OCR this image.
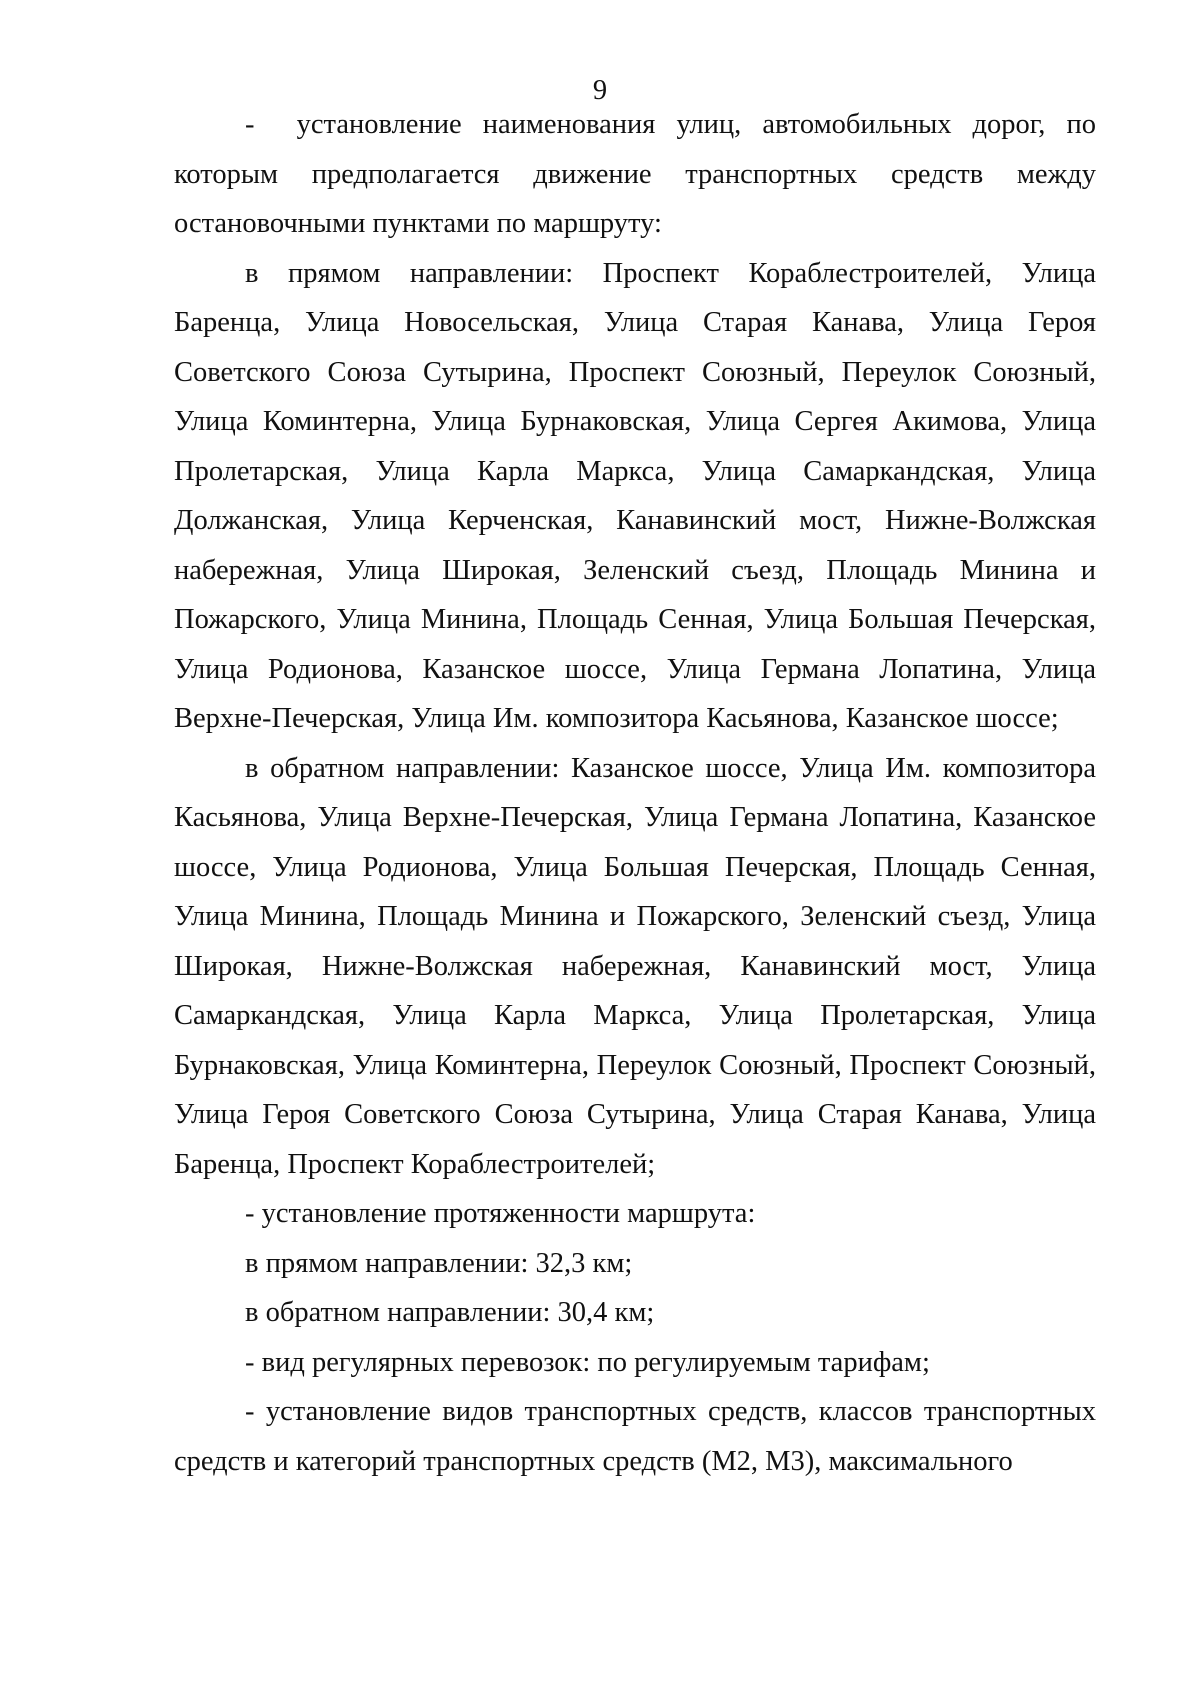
9

-  установление наименования улиц, автомобильных дорог, по которым предполагается движение транспортных средств между остановочными пунктами по маршруту:

в прямом направлении: Проспект Кораблестроителей, Улица Баренца, Улица Новосельская, Улица Старая Канава, Улица Героя Советского Союза Сутырина, Проспект Союзный, Переулок Союзный, Улица Коминтерна, Улица Бурнаковская, Улица Сергея Акимова, Улица Пролетарская, Улица Карла Маркса, Улица Самаркандская, Улица Должанская, Улица Керченская, Канавинский мост, Нижне-Волжская набережная, Улица Широкая, Зеленский съезд, Площадь Минина и Пожарского, Улица Минина, Площадь Сенная, Улица Большая Печерская, Улица Родионова, Казанское шоссе, Улица Германа Лопатина, Улица Верхне-Печерская, Улица Им. композитора Касьянова, Казанское шоссе;

в обратном направлении: Казанское шоссе, Улица Им. композитора Касьянова, Улица Верхне-Печерская, Улица Германа Лопатина, Казанское шоссе, Улица Родионова, Улица Большая Печерская, Площадь Сенная, Улица Минина, Площадь Минина и Пожарского, Зеленский съезд, Улица Широкая, Нижне-Волжская набережная, Канавинский мост, Улица Самаркандская, Улица Карла Маркса, Улица Пролетарская, Улица Бурнаковская, Улица Коминтерна, Переулок Союзный, Проспект Союзный, Улица Героя Советского Союза Сутырина, Улица Старая Канава, Улица Баренца, Проспект Кораблестроителей;

- установление протяженности маршрута:

в прямом направлении: 32,3 км;

в обратном направлении: 30,4 км;

- вид регулярных перевозок: по регулируемым тарифам;

- установление видов транспортных средств, классов транспортных средств и категорий транспортных средств (М2, М3), максимального
